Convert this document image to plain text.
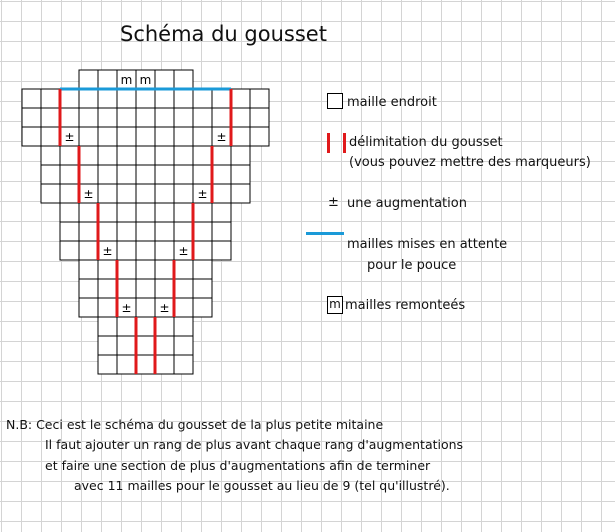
Schéma du gousset
m m
±	±
±	±
±	±
± ±
maille endroit
délimitation du gousset
(vous pouvez mettre des marqueurs)
± une augmentation
mailles mises en attente
pour le pouce
m mailles remonteés
N.B: Ceci est le schéma du gousset de la plus petite mitaine
Il faut ajouter un rang de plus avant chaque rang d'augmentations
et faire une section de plus d'augmentations afin de terminer
avec 11 mailles pour le gousset au lieu de 9 (tel qu'illustré).
